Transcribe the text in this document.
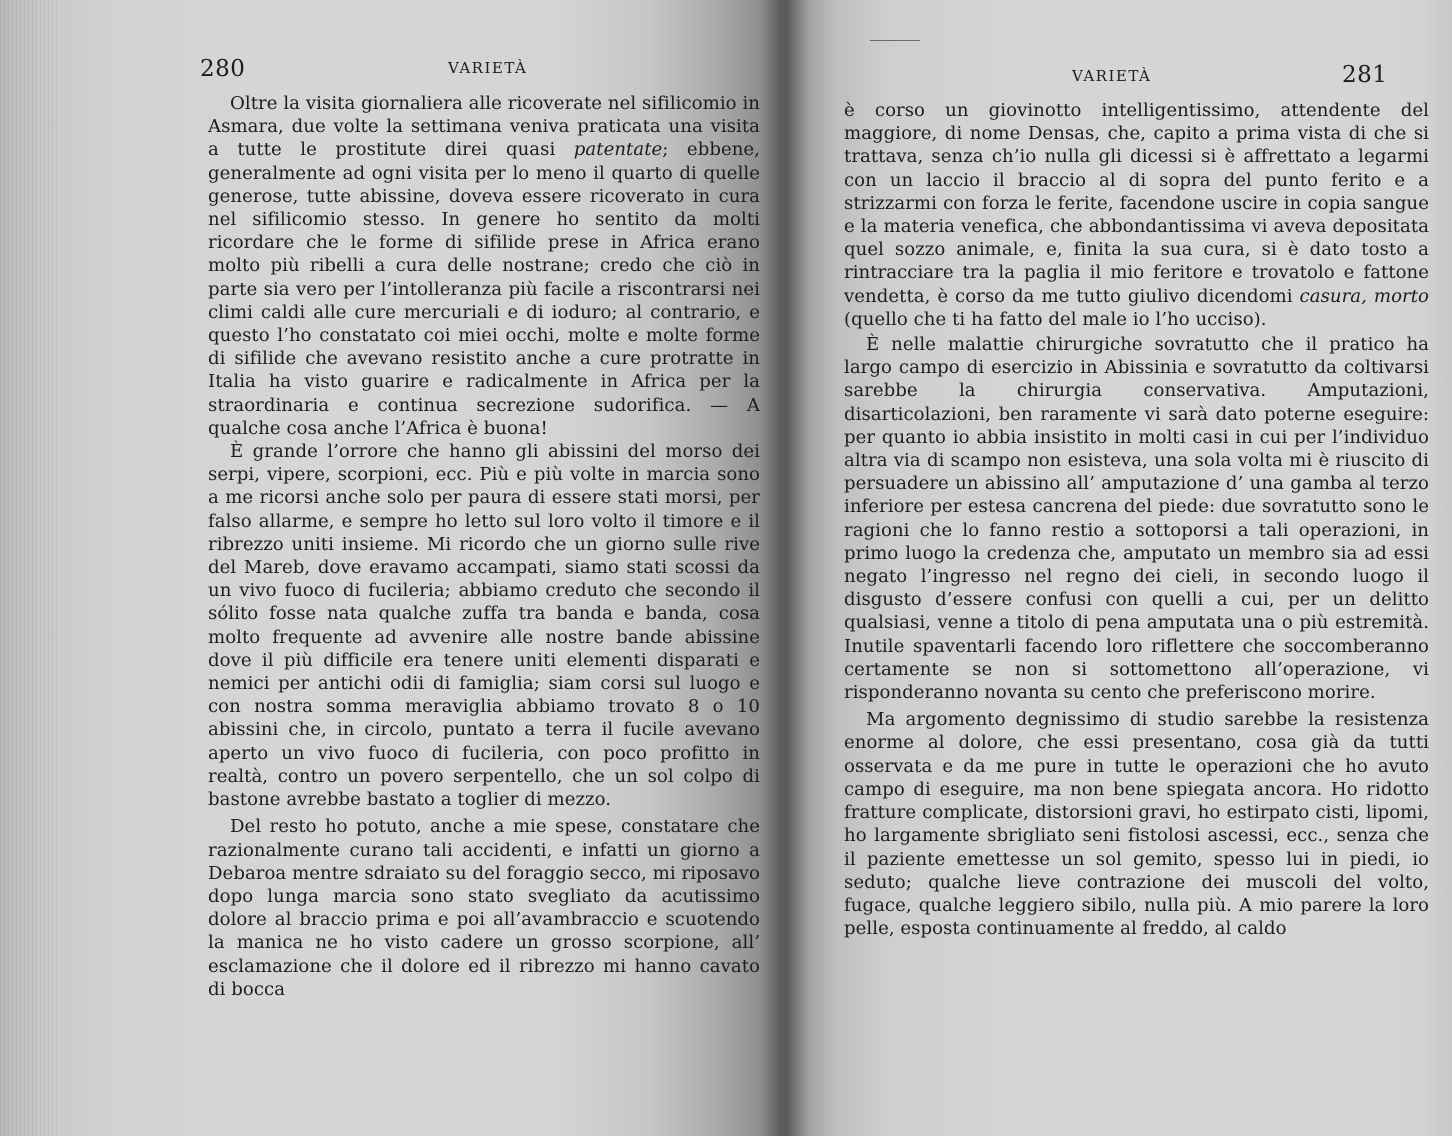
280	VARIETÀ

Oltre la visita giornaliera alle ricoverate nel sifilicomio in Asmara, due volte la settimana veniva praticata una visita a tutte le prostitute direi quasi patentate; ebbene, generalmente ad ogni visita per lo meno il quarto di quelle generose, tutte abissine, doveva essere ricoverato in cura nel sifilicomio stesso. In genere ho sentito da molti ricordare che le forme di sifilide prese in Africa erano molto più ribelli a cura delle nostrane; credo che ciò in parte sia vero per l’intolleranza più facile a riscontrarsi nei climi caldi alle cure mercuriali e di ioduro; al contrario, e questo l’ho constatato coi miei occhi, molte e molte forme di sifilide che avevano resistito anche a cure protratte in Italia ha visto guarire e radicalmente in Africa per la straordinaria e continua secrezione sudorifica. — A qualche cosa anche l’Africa è buona!

È grande l’orrore che hanno gli abissini del morso dei serpi, vipere, scorpioni, ecc. Più e più volte in marcia sono a me ricorsi anche solo per paura di essere stati morsi, per falso allarme, e sempre ho letto sul loro volto il timore e il ribrezzo uniti insieme. Mi ricordo che un giorno sulle rive del Mareb, dove eravamo accampati, siamo stati scossi da un vivo fuoco di fucileria; abbiamo creduto che secondo il sólito fosse nata qualche zuffa tra banda e banda, cosa molto frequente ad avvenire alle nostre bande abissine dove il più difficile era tenere uniti elementi disparati e nemici per antichi odii di famiglia; siam corsi sul luogo e con nostra somma meraviglia abbiamo trovato 8 o 10 abissini che, in circolo, puntato a terra il fucile avevano aperto un vivo fuoco di fucileria, con poco profitto in realtà, contro un povero serpentello, che un sol colpo di bastone avrebbe bastato a toglier di mezzo.

Del resto ho potuto, anche a mie spese, constatare che razionalmente curano tali accidenti, e infatti un giorno a Debaroa mentre sdraiato su del foraggio secco, mi riposavo dopo lunga marcia sono stato svegliato da acutissimo dolore al braccio prima e poi all’avambraccio e scuotendo la manica ne ho visto cadere un grosso scorpione, all’ esclamazione che il dolore ed il ribrezzo mi hanno cavato di bocca

VARIETÀ	281

è corso un giovinotto intelligentissimo, attendente del maggiore, di nome Densas, che, capito a prima vista di che si trattava, senza ch’io nulla gli dicessi si è affrettato a legarmi con un laccio il braccio al di sopra del punto ferito e a strizzarmi con forza le ferite, facendone uscire in copia sangue e la materia venefica, che abbondantissima vi aveva depositata quel sozzo animale, e, finita la sua cura, si è dato tosto a rintracciare tra la paglia il mio feritore e trovatolo e fattone vendetta, è corso da me tutto giulivo dicendomi casura, morto (quello che ti ha fatto del male io l’ho ucciso).

È nelle malattie chirurgiche sovratutto che il pratico ha largo campo di esercizio in Abissinia e sovratutto da coltivarsi sarebbe la chirurgia conservativa. Amputazioni, disarticolazioni, ben raramente vi sarà dato poterne eseguire: per quanto io abbia insistito in molti casi in cui per l’individuo altra via di scampo non esisteva, una sola volta mi è riuscito di persuadere un abissino all’ amputazione d’ una gamba al terzo inferiore per estesa cancrena del piede: due sovratutto sono le ragioni che lo fanno restio a sottoporsi a tali operazioni, in primo luogo la credenza che, amputato un membro sia ad essi negato l’ingresso nel regno dei cieli, in secondo luogo il disgusto d’essere confusi con quelli a cui, per un delitto qualsiasi, venne a titolo di pena amputata una o più estremità. Inutile spaventarli facendo loro riflettere che soccomberanno certamente se non si sottomettono all’operazione, vi risponderanno novanta su cento che preferiscono morire.

Ma argomento degnissimo di studio sarebbe la resistenza enorme al dolore, che essi presentano, cosa già da tutti osservata e da me pure in tutte le operazioni che ho avuto campo di eseguire, ma non bene spiegata ancora. Ho ridotto fratture complicate, distorsioni gravi, ho estirpato cisti, lipomi, ho largamente sbrigliato seni fistolosi ascessi, ecc., senza che il paziente emettesse un sol gemito, spesso lui in piedi, io seduto; qualche lieve contrazione dei muscoli del volto, fugace, qualche leggiero sibilo, nulla più. A mio parere la loro pelle, esposta continuamente al freddo, al caldo
